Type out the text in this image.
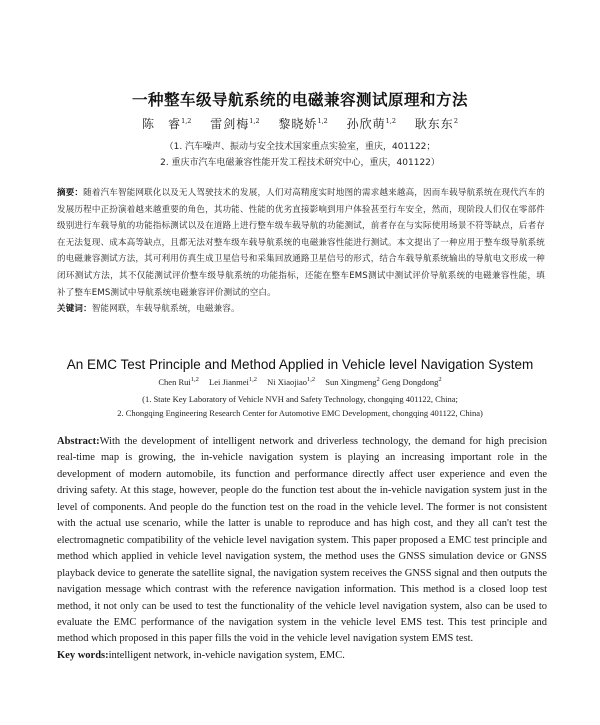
一种整车级导航系统的电磁兼容测试原理和方法
陈　睿$^{1,2}$ 雷剑梅$^{1,2}$ 黎晓娇$^{1,2}$ 孙欣萌$^{1,2}$ 耿东东$^2$
（1. 汽车噪声、振动与安全技术国家重点实验室，重庆，401122；
2. 重庆市汽车电磁兼容性能开发工程技术研究中心，重庆，401122）

摘要：随着汽车智能网联化以及无人驾驶技术的发展，人们对高精度实时地图的需求越来越高，因而车载导航系统在现代汽车的发展历程中正扮演着越来越重要的角色，其功能、性能的优劣直接影响到用户体验甚至行车安全，然而，现阶段人们仅在零部件级别进行车载导航的功能指标测试以及在道路上进行整车级车载导航的功能测试，前者存在与实际使用场景不符等缺点，后者存在无法复现、成本高等缺点，且都无法对整车级车载导航系统的电磁兼容性能进行测试。本文提出了一种应用于整车级导航系统的电磁兼容测试方法，其可利用仿真生成卫星信号和采集回放通路卫星信号的形式，结合车载导航系统输出的导航电文形成一种闭环测试方法，其不仅能测试评价整车级导航系统的功能指标，还能在整车EMS测试中测试评价导航系统的电磁兼容性能，填补了整车EMS测试中导航系统电磁兼容评价测试的空白。

关键词：智能网联，车载导航系统，电磁兼容。

An EMC Test Principle and Method Applied in Vehicle level Navigation System
Chen Rui$^{1,2}$ Lei Jianmei$^{1,2}$ Ni Xiaojiao$^{1,2}$ Sun Xingmeng$^2$ Geng Dongdong$^2$
(1. State Key Laboratory of Vehicle NVH and Safety Technology, chongqing 401122, China;
2. Chongqing Engineering Research Center for Automotive EMC Development, chongqing 401122, China)

Abstract:With the development of intelligent network and driverless technology, the demand for high precision real-time map is growing, the in-vehicle navigation system is playing an increasing important role in the development of modern automobile, its function and performance directly affect user experience and even the driving safety. At this stage, however, people do the function test about the in-vehicle navigation system just in the level of components. And people do the function test on the road in the vehicle level. The former is not consistent with the actual use scenario, while the latter is unable to reproduce and has high cost, and they all can't test the electromagnetic compatibility of the vehicle level navigation system. This paper proposed a EMC test principle and method which applied in vehicle level navigation system, the method uses the GNSS simulation device or GNSS playback device to generate the satellite signal, the navigation system receives the GNSS signal and then outputs the navigation message which contrast with the reference navigation information. This method is a closed loop test method, it not only can be used to test the functionality of the vehicle level navigation system, also can be used to evaluate the EMC performance of the navigation system in the vehicle level EMS test. This test principle and method which proposed in this paper fills the void in the vehicle level navigation system EMS test.

Key words:intelligent network, in-vehicle navigation system, EMC.
